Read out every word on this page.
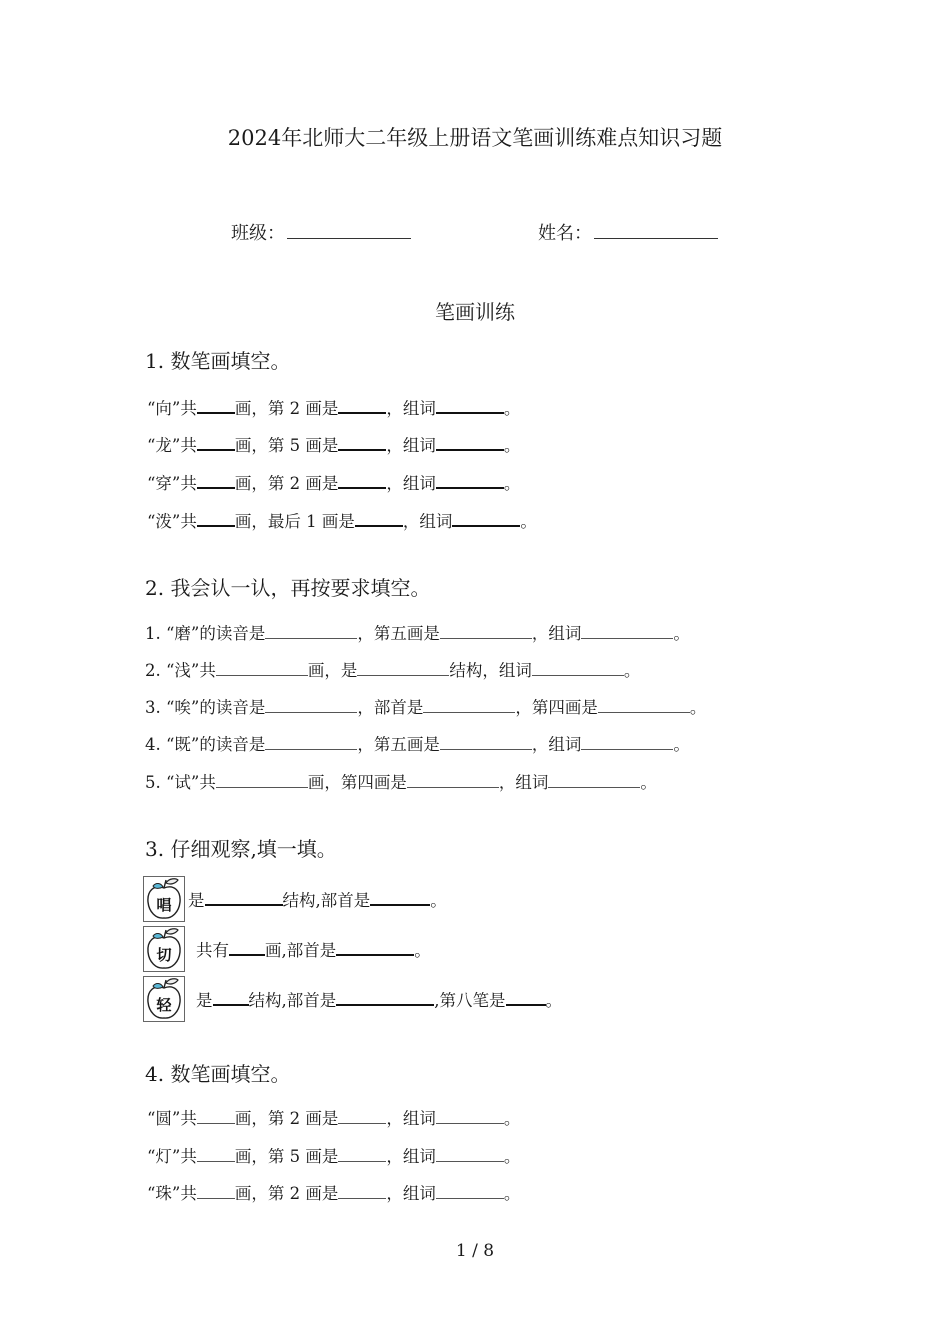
2024年北师大二年级上册语文笔画训练难点知识习题
班级：	姓名：
笔画训练
1. 数笔画填空。
“向”共 画，第 2 画是	，组词	。
“龙”共 画，第 5 画是	，组词	。
“穿”共 画，第 2 画是	，组词	。
“泼”共 画，最后 1 画是	，组词	。
2. 我会认一认，再按要求填空。
1. “磨”的读音是	，第五画是	，组词	。
2. “浅”共	画，是	结构，组词	。
3. “唉”的读音是	，部首是	，第四画是	。
4. “既”的读音是	，第五画是	，组词	。
5. “试”共	画，第四画是	，组词	。
3. 仔细观察,填一填。
唱 是	结构,部首是	。
切 共有 画,部首是	。
轻 是 结构,部首是	,第八笔是 。
4. 数笔画填空。
“圆”共 画，第 2 画是	，组词	。
“灯”共 画，第 5 画是	，组词	。
“珠”共 画，第 2 画是	，组词	。
1 / 8
